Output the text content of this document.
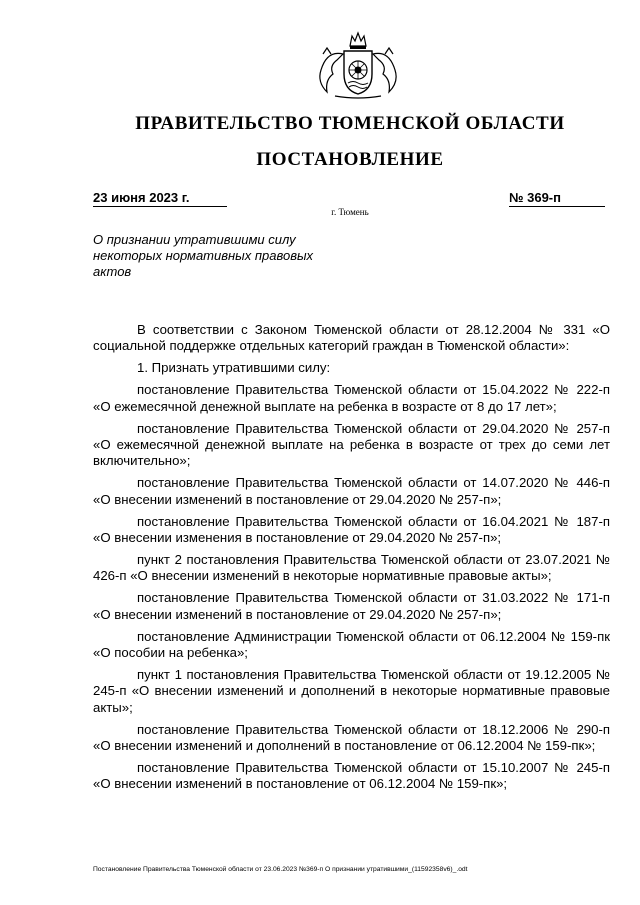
ПРАВИТЕЛЬСТВО ТЮМЕНСКОЙ ОБЛАСТИ
ПОСТАНОВЛЕНИЕ
23 июня 2023 г.	№ 369-п
г. Тюмень

О признании утратившими силу некоторых нормативных правовых актов

В соответствии с Законом Тюменской области от 28.12.2004 № 331 «О социальной поддержке отдельных категорий граждан в Тюменской области»:

1. Признать утратившими силу:

постановление Правительства Тюменской области от 15.04.2022 № 222-п «О ежемесячной денежной выплате на ребенка в возрасте от 8 до 17 лет»;

постановление Правительства Тюменской области от 29.04.2020 № 257-п «О ежемесячной денежной выплате на ребенка в возрасте от трех до семи лет включительно»;

постановление Правительства Тюменской области от 14.07.2020 № 446-п «О внесении изменений в постановление от 29.04.2020 № 257-п»;

постановление Правительства Тюменской области от 16.04.2021 № 187-п «О внесении изменения в постановление от 29.04.2020 № 257-п»;

пункт 2 постановления Правительства Тюменской области от 23.07.2021 № 426-п «О внесении изменений в некоторые нормативные правовые акты»;

постановление Правительства Тюменской области от 31.03.2022 № 171-п «О внесении изменений в постановление от 29.04.2020 № 257-п»;

постановление Администрации Тюменской области от 06.12.2004 № 159-пк «О пособии на ребенка»;

пункт 1 постановления Правительства Тюменской области от 19.12.2005 № 245-п «О внесении изменений и дополнений в некоторые нормативные правовые акты»;

постановление Правительства Тюменской области от 18.12.2006 № 290-п «О внесении изменений и дополнений в постановление от 06.12.2004 № 159-пк»;

постановление Правительства Тюменской области от 15.10.2007 № 245-п «О внесении изменений в постановление от 06.12.2004 № 159-пк»;

Постановление Правительства Тюменской области от 23.06.2023 №369-п О признании утратившими_(11592358v6)_.odt
